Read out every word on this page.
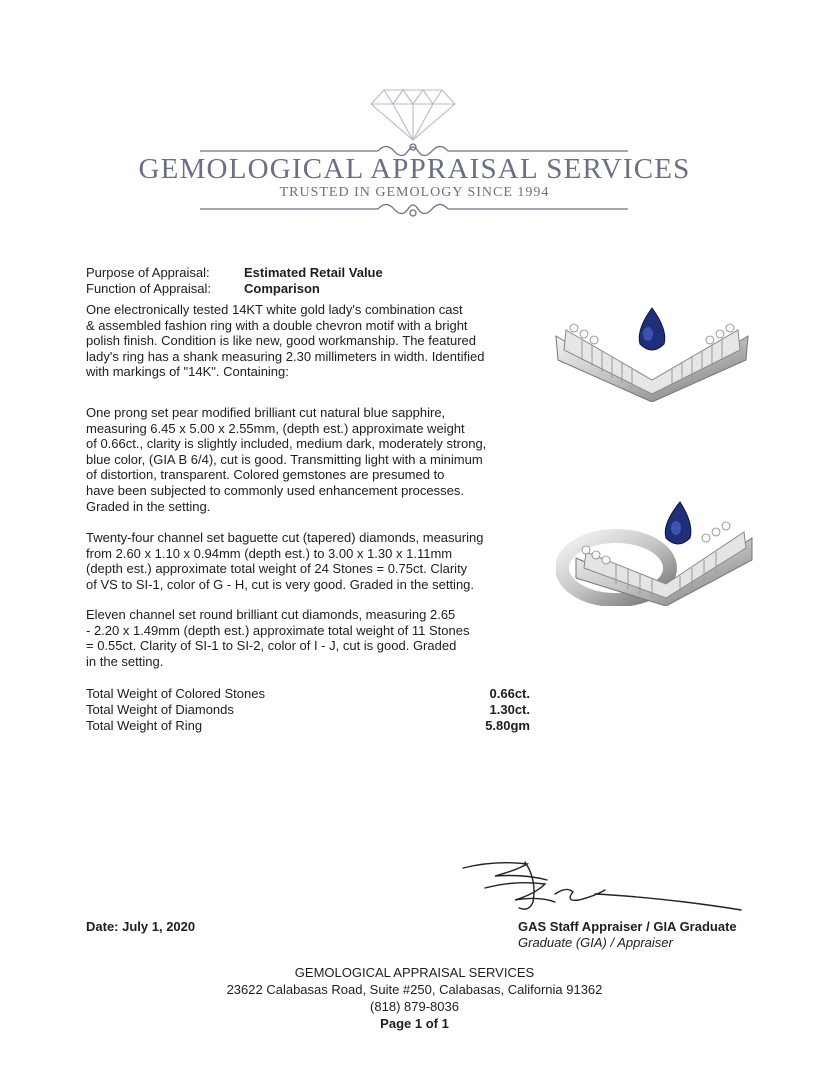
GEMOLOGICAL APPRAISAL SERVICES
TRUSTED IN GEMOLOGY SINCE 1994
Purpose of Appraisal:	Estimated Retail Value
Function of Appraisal:	Comparison

One electronically tested 14KT white gold lady's combination cast
& assembled fashion ring with a double chevron motif with a bright
polish finish. Condition is like new, good workmanship. The featured
lady's ring has a shank measuring 2.30 millimeters in width. Identified
with markings of "14K". Containing:

One prong set pear modified brilliant cut natural blue sapphire,
measuring 6.45 x 5.00 x 2.55mm, (depth est.) approximate weight
of 0.66ct., clarity is slightly included, medium dark, moderately strong,
blue color, (GIA B 6/4), cut is good. Transmitting light with a minimum
of distortion, transparent. Colored gemstones are presumed to
have been subjected to commonly used enhancement processes.
Graded in the setting.

Twenty-four channel set baguette cut (tapered) diamonds, measuring
from 2.60 x 1.10 x 0.94mm (depth est.) to 3.00 x 1.30 x 1.11mm
(depth est.) approximate total weight of 24 Stones = 0.75ct. Clarity
of VS to SI-1, color of G - H, cut is very good. Graded in the setting.

Eleven channel set round brilliant cut diamonds, measuring 2.65
- 2.20 x 1.49mm (depth est.) approximate total weight of 11 Stones
= 0.55ct. Clarity of SI-1 to SI-2, color of I - J, cut is good. Graded
in the setting.

Total Weight of Colored Stones	0.66ct.
Total Weight of Diamonds	1.30ct.
Total Weight of Ring	5.80gm
Date: July 1, 2020	GAS Staff Appraiser / GIA Graduate
Graduate (GIA) / Appraiser
GEMOLOGICAL APPRAISAL SERVICES
23622 Calabasas Road, Suite #250, Calabasas, California 91362
(818) 879-8036
Page 1 of 1
